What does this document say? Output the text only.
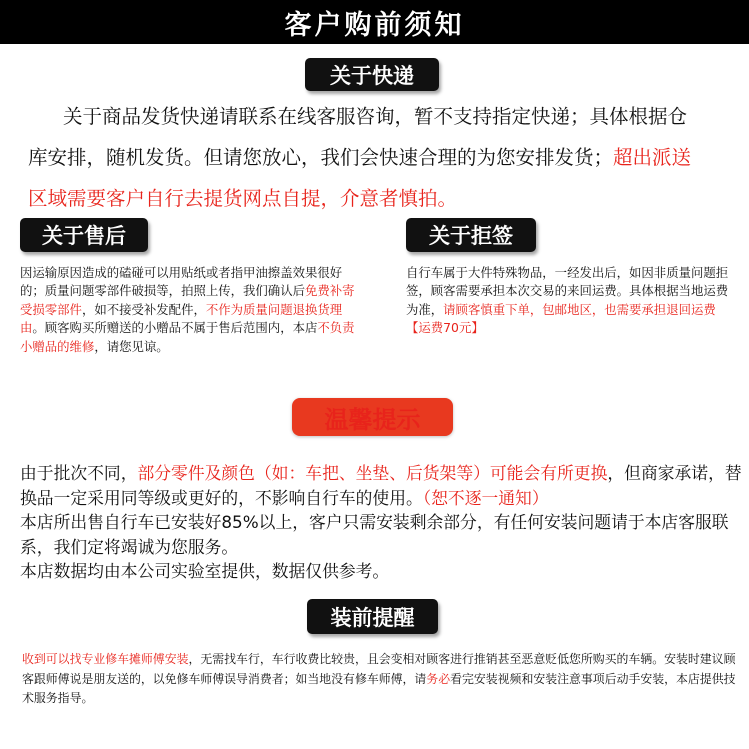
客户购前须知
关于快递
关于商品发货快递请联系在线客服咨询，暂不支持指定快递；具体根据仓
库安排，随机发货。但请您放心，我们会快速合理的为您安排发货；超出派送
区域需要客户自行去提货网点自提，介意者慎拍。
关于售后

因运输原因造成的磕碰可以用贴纸或者指甲油擦盖效果很好的；质量问题零部件破损等，拍照上传，我们确认后免费补寄受损零部件，如不接受补发配件，不作为质量问题退换货理由。顾客购买所赠送的小赠品不属于售后范围内，本店不负责小赠品的维修，请您见谅。

关于拒签

自行车属于大件特殊物品，一经发出后，如因非质量问题拒签，顾客需要承担本次交易的来回运费。具体根据当地运费为准，请顾客慎重下单，包邮地区，也需要承担退回运费【运费70元】

温馨提示
由于批次不同，部分零件及颜色（如：车把、坐垫、后货架等）可能会有所更换，但商家承诺，替换品一定采用同等级或更好的，不影响自行车的使用。（恕不逐一通知）
本店所出售自行车已安装好85%以上，客户只需安装剩余部分，有任何安装问题请于本店客服联系，我们定将竭诚为您服务。
本店数据均由本公司实验室提供，数据仅供参考。
装前提醒

收到可以找专业修车摊师傅安装，无需找车行，车行收费比较贵，且会变相对顾客进行推销甚至恶意贬低您所购买的车辆。安装时建议顾客跟师傅说是朋友送的，以免修车师傅误导消费者；如当地没有修车师傅，请务必看完安装视频和安装注意事项后动手安装，本店提供技术服务指导。
